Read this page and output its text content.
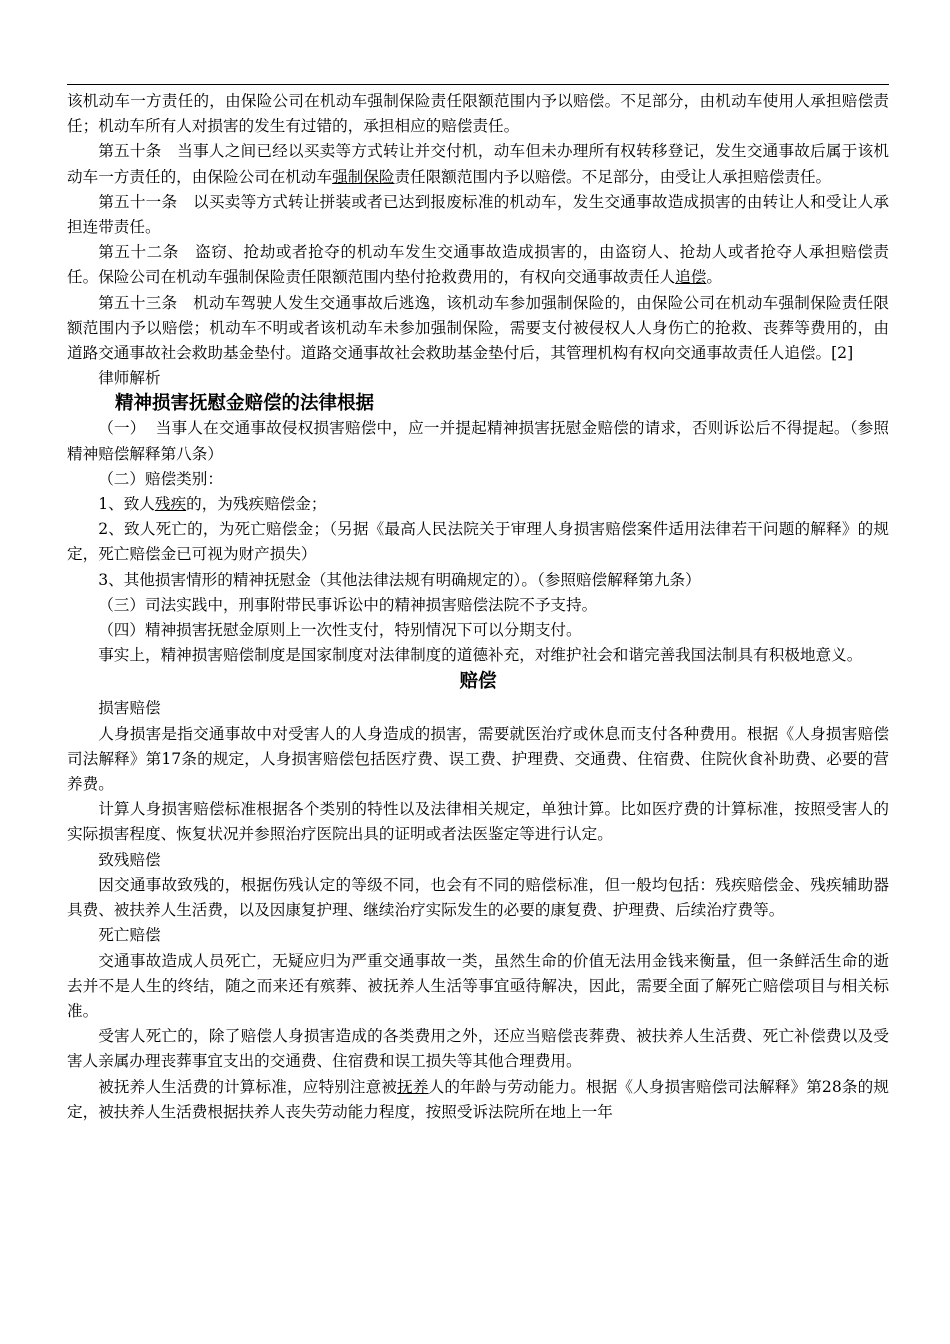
该机动车一方责任的，由保险公司在机动车强制保险责任限额范围内予以赔偿。不足部分，由机动车使用人承担赔偿责任；机动车所有人对损害的发生有过错的，承担相应的赔偿责任。

第五十条　当事人之间已经以买卖等方式转让并交付机，动车但未办理所有权转移登记，发生交通事故后属于该机动车一方责任的，由保险公司在机动车强制保险责任限额范围内予以赔偿。不足部分，由受让人承担赔偿责任。

第五十一条　以买卖等方式转让拼装或者已达到报废标准的机动车，发生交通事故造成损害的由转让人和受让人承担连带责任。

第五十二条　盗窃、抢劫或者抢夺的机动车发生交通事故造成损害的，由盗窃人、抢劫人或者抢夺人承担赔偿责任。保险公司在机动车强制保险责任限额范围内垫付抢救费用的，有权向交通事故责任人追偿。

第五十三条　机动车驾驶人发生交通事故后逃逸，该机动车参加强制保险的，由保险公司在机动车强制保险责任限额范围内予以赔偿；机动车不明或者该机动车未参加强制保险，需要支付被侵权人人身伤亡的抢救、丧葬等费用的，由道路交通事故社会救助基金垫付。道路交通事故社会救助基金垫付后，其管理机构有权向交通事故责任人追偿。[2]

律师解析
精神损害抚慰金赔偿的法律根据

（一）  当事人在交通事故侵权损害赔偿中，应一并提起精神损害抚慰金赔偿的请求，否则诉讼后不得提起。（参照精神赔偿解释第八条）

（二）赔偿类别：
1、致人残疾的，为残疾赔偿金；

2、致人死亡的，为死亡赔偿金；（另据《最高人民法院关于审理人身损害赔偿案件适用法律若干问题的解释》的规定，死亡赔偿金已可视为财产损失）

3、其他损害情形的精神抚慰金（其他法律法规有明确规定的）。（参照赔偿解释第九条）
（三）司法实践中，刑事附带民事诉讼中的精神损害赔偿法院不予支持。
（四）精神损害抚慰金原则上一次性支付，特别情况下可以分期支付。

事实上，精神损害赔偿制度是国家制度对法律制度的道德补充，对维护社会和谐完善我国法制具有积极地意义。

赔偿
损害赔偿

人身损害是指交通事故中对受害人的人身造成的损害，需要就医治疗或休息而支付各种费用。根据《人身损害赔偿司法解释》第17条的规定，人身损害赔偿包括医疗费、误工费、护理费、交通费、住宿费、住院伙食补助费、必要的营养费。

计算人身损害赔偿标准根据各个类别的特性以及法律相关规定，单独计算。比如医疗费的计算标准，按照受害人的实际损害程度、恢复状况并参照治疗医院出具的证明或者法医鉴定等进行认定。

致残赔偿

因交通事故致残的，根据伤残认定的等级不同，也会有不同的赔偿标准，但一般均包括：残疾赔偿金、残疾辅助器具费、被扶养人生活费，以及因康复护理、继续治疗实际发生的必要的康复费、护理费、后续治疗费等。

死亡赔偿

交通事故造成人员死亡，无疑应归为严重交通事故一类，虽然生命的价值无法用金钱来衡量，但一条鲜活生命的逝去并不是人生的终结，随之而来还有殡葬、被抚养人生活等事宜亟待解决，因此，需要全面了解死亡赔偿项目与相关标准。

受害人死亡的，除了赔偿人身损害造成的各类费用之外，还应当赔偿丧葬费、被扶养人生活费、死亡补偿费以及受害人亲属办理丧葬事宜支出的交通费、住宿费和误工损失等其他合理费用。

被抚养人生活费的计算标准，应特别注意被抚养人的年龄与劳动能力。根据《人身损害赔偿司法解释》第28条的规定，被扶养人生活费根据扶养人丧失劳动能力程度，按照受诉法院所在地上一年
